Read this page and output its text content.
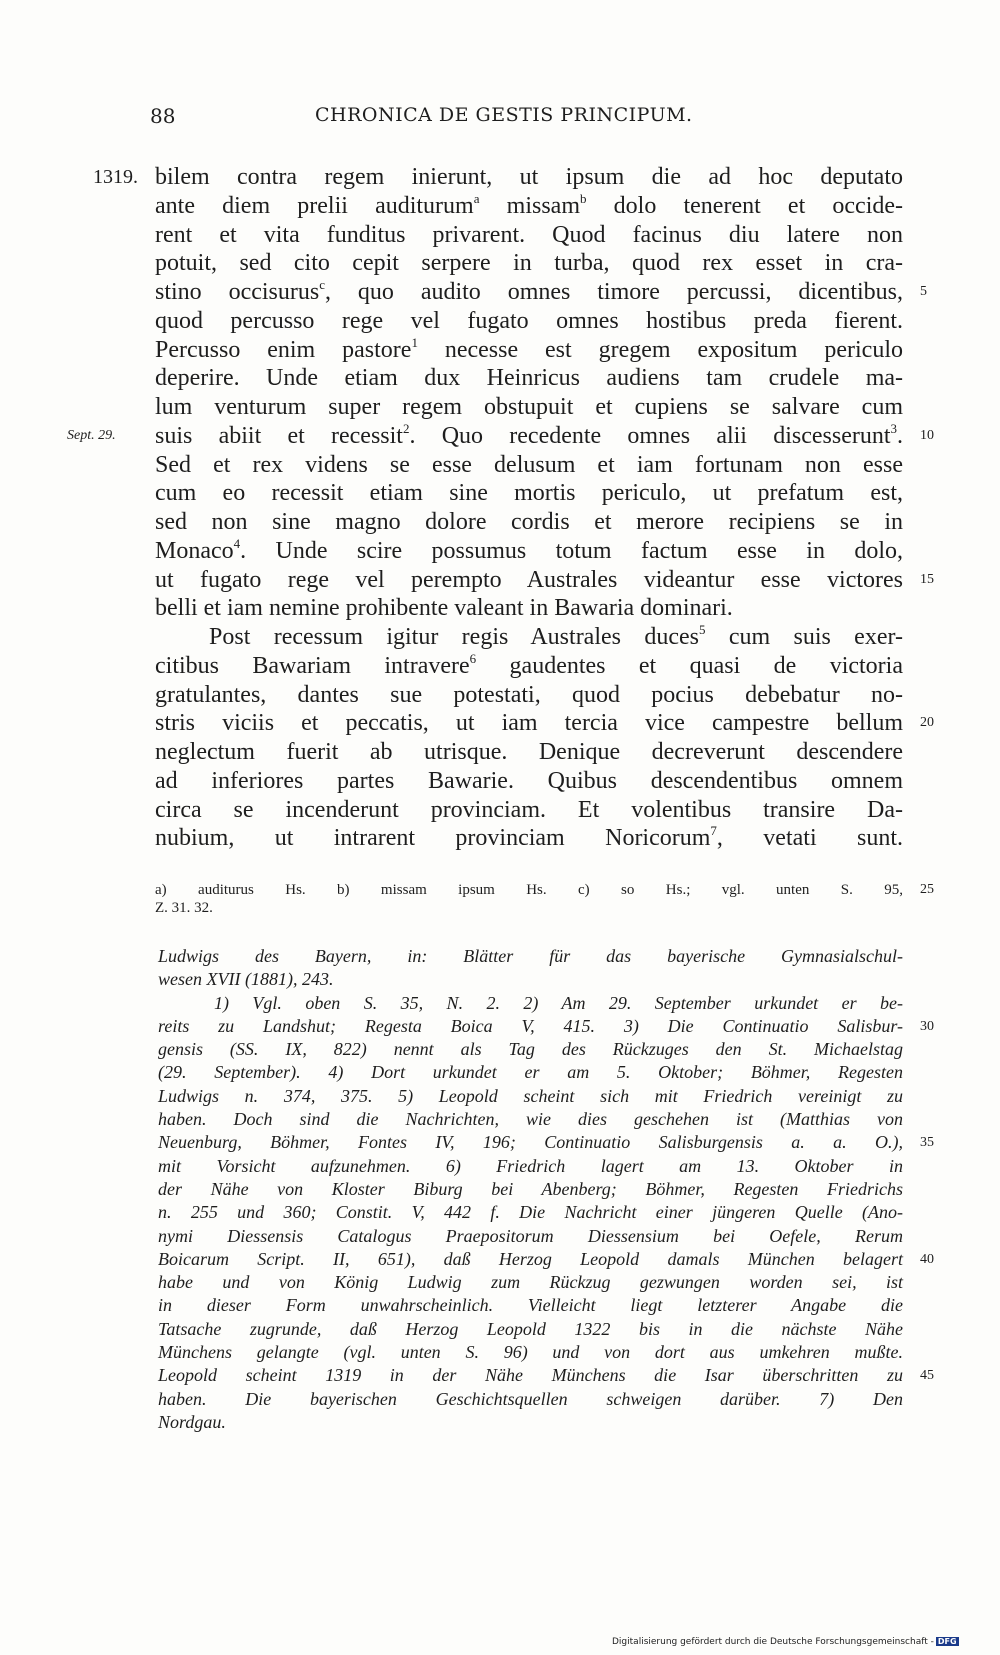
88	CHRONICA DE GESTIS PRINCIPUM.
1319. bilem contra regem inierunt, ut ipsum die ad hoc deputato
ante diem prelii auditurum$^a$ missam$^b$ dolo tenerent et occide-
rent et vita funditus privarent. Quod facinus diu latere non
potuit, sed cito cepit serpere in turba, quod rex esset in cra-
stino occisurus$^c$, quo audito omnes timore percussi, dicentibus, 5
quod percusso rege vel fugato omnes hostibus preda fierent.
Percusso enim pastore$^1$ necesse est gregem expositum periculo
deperire. Unde etiam dux Heinricus audiens tam crudele ma-
lum venturum super regem obstupuit et cupiens se salvare cum
Sept. 29. suis abiit et recessit$^2$. Quo recedente omnes alii discesserunt$^3$. 10
Sed et rex videns se esse delusum et iam fortunam non esse
cum eo recessit etiam sine mortis periculo, ut prefatum est,
sed non sine magno dolore cordis et merore recipiens se in
Monaco$^4$. Unde scire possumus totum factum esse in dolo,
ut fugato rege vel perempto Australes videantur esse victores 15
belli et iam nemine prohibente valeant in Bawaria dominari.
Post recessum igitur regis Australes duces$^5$ cum suis exer-
citibus Bawariam intravere$^6$ gaudentes et quasi de victoria
gratulantes, dantes sue potestati, quod pocius debebatur no-
stris viciis et peccatis, ut iam tercia vice campestre bellum 20
neglectum fuerit ab utrisque. Denique decreverunt descendere
ad inferiores partes Bawarie. Quibus descendentibus omnem
circa se incenderunt provinciam. Et volentibus transire Da-
nubium, ut intrarent provinciam Noricorum$^7$, vetati sunt.
a) auditurus Hs. b) missam ipsum Hs. c) so Hs.; vgl. unten S. 95, 25
Z. 31. 32.
Ludwigs des Bayern, in: Blätter für das bayerische Gymnasialschul-
wesen XVII (1881), 243.
1) Vgl. oben S. 35, N. 2. 2) Am 29. September urkundet er be-
reits zu Landshut; Regesta Boica V, 415. 3) Die Continuatio Salisbur- 30
gensis (SS. IX, 822) nennt als Tag des Rückzuges den St. Michaelstag
(29. September). 4) Dort urkundet er am 5. Oktober; Böhmer, Regesten
Ludwigs n. 374, 375. 5) Leopold scheint sich mit Friedrich vereinigt zu
haben. Doch sind die Nachrichten, wie dies geschehen ist (Matthias von
Neuenburg, Böhmer, Fontes IV, 196; Continuatio Salisburgensis a. a. O.), 35
mit Vorsicht aufzunehmen. 6) Friedrich lagert am 13. Oktober in
der Nähe von Kloster Biburg bei Abenberg; Böhmer, Regesten Friedrichs
n. 255 und 360; Constit. V, 442 f. Die Nachricht einer jüngeren Quelle (Ano-
nymi Diessensis Catalogus Praepositorum Diessensium bei Oefele, Rerum
Boicarum Script. II, 651), daß Herzog Leopold damals München belagert 40
habe und von König Ludwig zum Rückzug gezwungen worden sei, ist
in dieser Form unwahrscheinlich. Vielleicht liegt letzterer Angabe die
Tatsache zugrunde, daß Herzog Leopold 1322 bis in die nächste Nähe
Münchens gelangte (vgl. unten S. 96) und von dort aus umkehren mußte.
Leopold scheint 1319 in der Nähe Münchens die Isar überschritten zu 45
haben. Die bayerischen Geschichtsquellen schweigen darüber. 7) Den
Nordgau.
Digitalisierung gefördert durch die Deutsche Forschungsgemeinschaft - DFG
